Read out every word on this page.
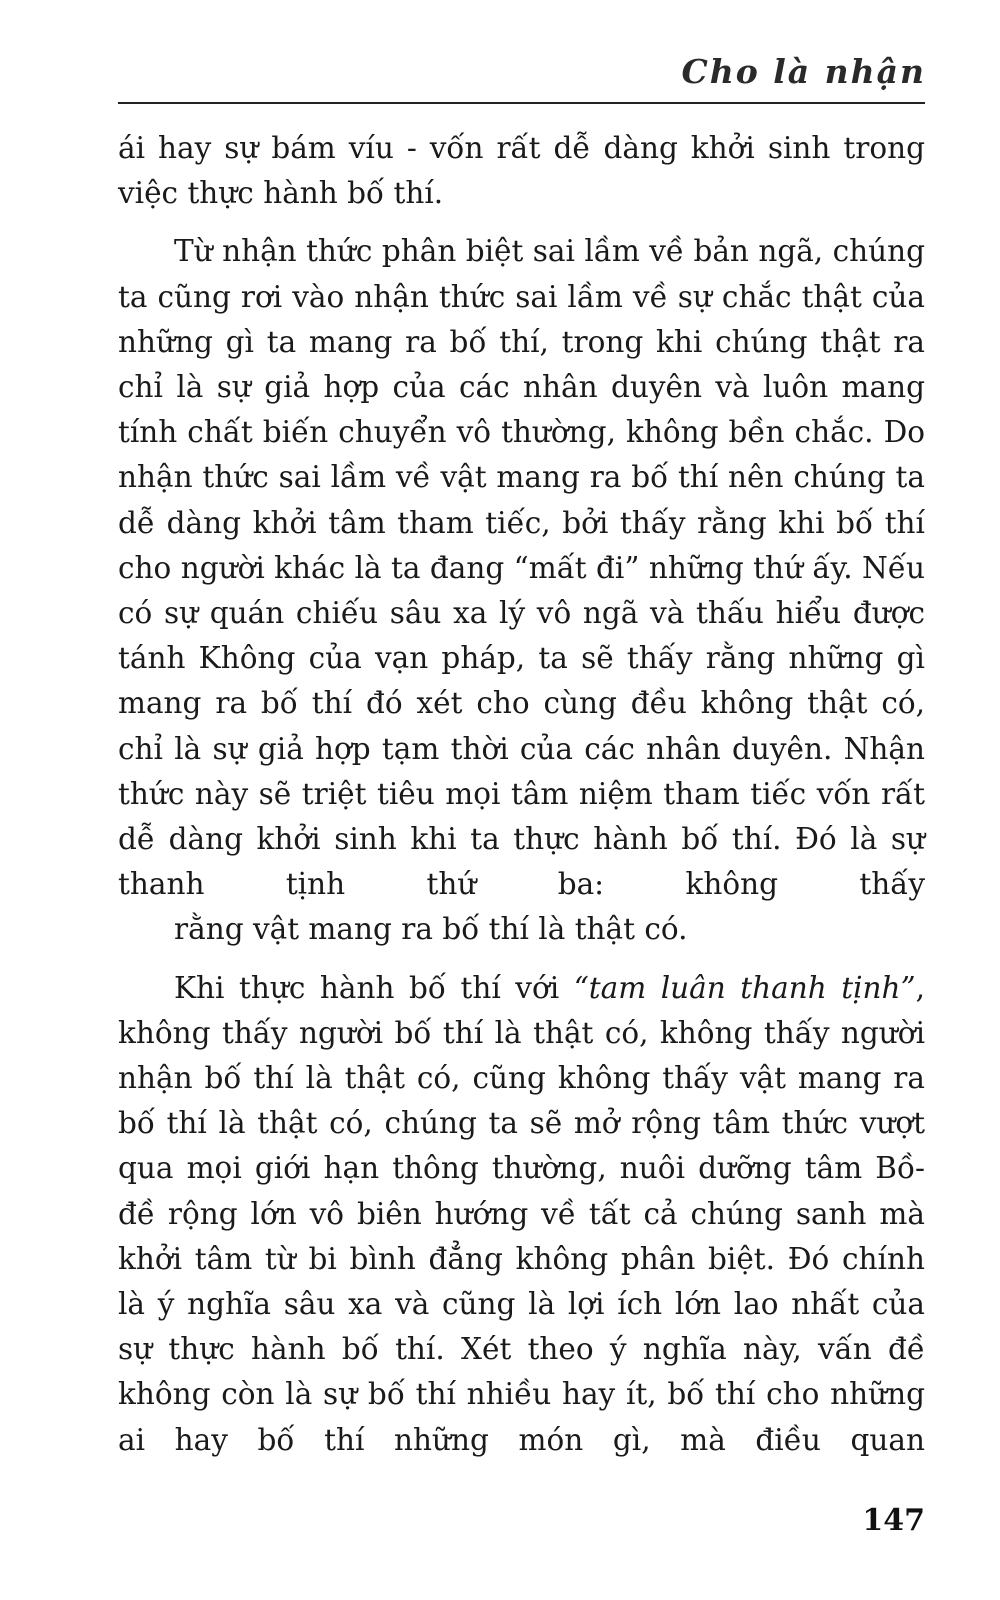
Cho là nhận

ái hay sự bám víu - vốn rất dễ dàng khởi sinh trong
việc thực hành bố thí.

Từ nhận thức phân biệt sai lầm về bản ngã, chúng ta cũng rơi vào nhận thức sai lầm về sự chắc thật của những gì ta mang ra bố thí, trong khi chúng thật ra chỉ là sự giả hợp của các nhân duyên và luôn mang tính chất biến chuyển vô thường, không bền chắc. Do nhận thức sai lầm về vật mang ra bố thí nên chúng ta dễ dàng khởi tâm tham tiếc, bởi thấy rằng khi bố thí cho người khác là ta đang “mất đi” những thứ ấy. Nếu có sự quán chiếu sâu xa lý vô ngã và thấu hiểu được tánh Không của vạn pháp, ta sẽ thấy rằng những gì mang ra bố thí đó xét cho cùng đều không thật có, chỉ là sự giả hợp tạm thời của các nhân duyên. Nhận thức này sẽ triệt tiêu mọi tâm niệm tham tiếc vốn rất dễ dàng khởi sinh khi ta thực hành bố thí. Đó là sự thanh tịnh thứ ba: không thấy
rằng vật mang ra bố thí là thật có.

Khi thực hành bố thí với “tam luân thanh tịnh”, không thấy người bố thí là thật có, không thấy người nhận bố thí là thật có, cũng không thấy vật mang ra bố thí là thật có, chúng ta sẽ mở rộng tâm thức vượt qua mọi giới hạn thông thường, nuôi dưỡng tâm Bồ-đề rộng lớn vô biên hướng về tất cả chúng sanh mà khởi tâm từ bi bình đẳng không phân biệt. Đó chính là ý nghĩa sâu xa và cũng là lợi ích lớn lao nhất của sự thực hành bố thí. Xét theo ý nghĩa này, vấn đề không còn là sự bố thí nhiều hay ít, bố thí cho những ai hay bố thí những món gì, mà điều quan

147
